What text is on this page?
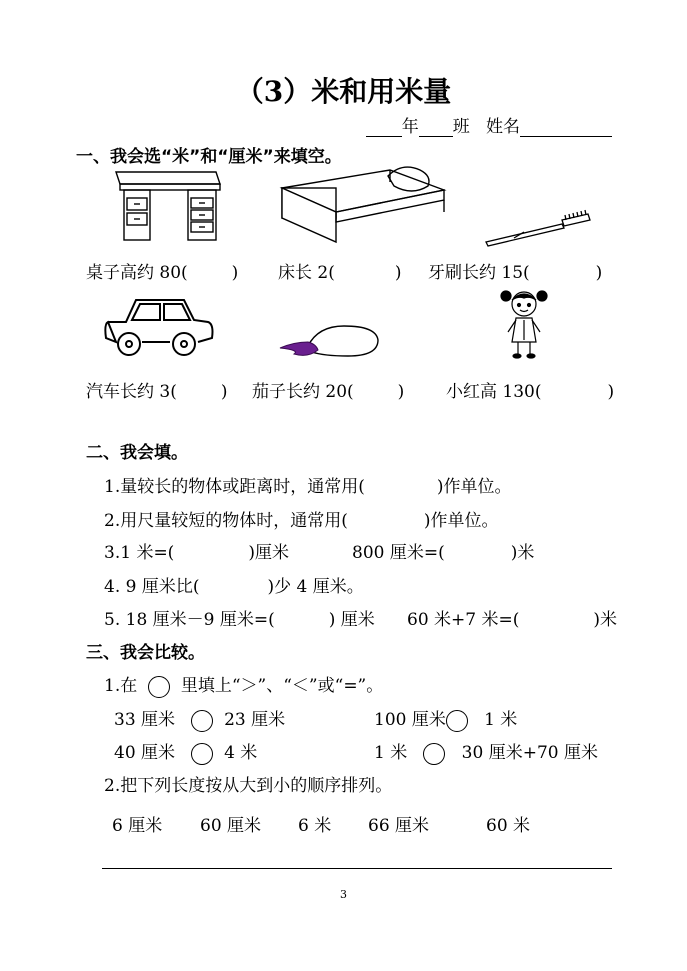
（3）米和用米量
年 班 姓名
一、我会选“米”和“厘米”来填空。
桌子高约 80(	) 床长 2(	) 牙刷长约 15(	)
汽车长约 3(	) 茄子长约 20(	) 小红高 130(	)
二、我会填。
1.量较长的物体或距离时，通常用(	)作单位。
2.用尺量较短的物体时，通常用(	)作单位。
3.1 米=(	)厘米	800 厘米=(	)米
4. 9 厘米比(	)少 4 厘米。
5. 18 厘米－9 厘米=(	) 厘米 60 米+7 米=(	)米
三、我会比较。
1.在	里填上“＞”、“＜”或“=”。
33 厘米	23 厘米	100 厘米 1 米
40 厘米	4 米	1 米	30 厘米+70 厘米
2.把下列长度按从大到小的顺序排列。
6 厘米 60 厘米 6 米 66 厘米	60 米
3
